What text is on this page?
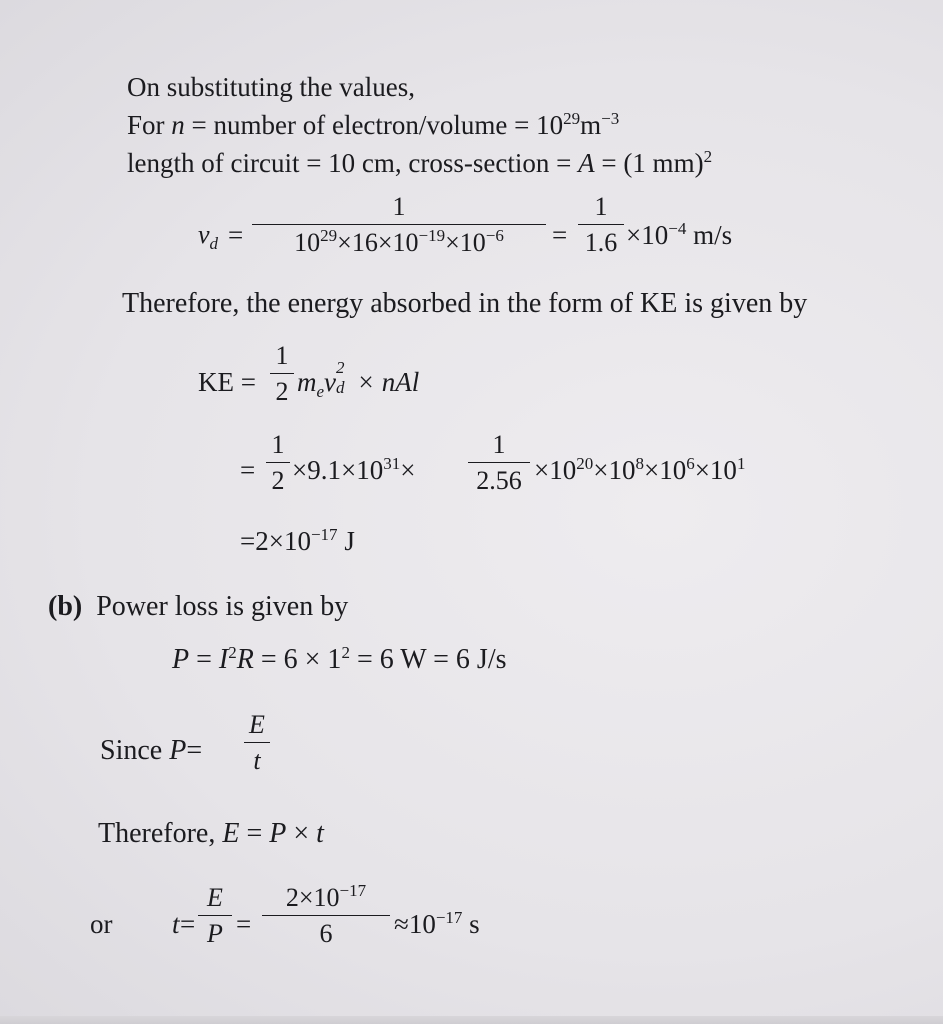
On substituting the values,
For n = number of electron/volume = $10^{29}m^{-3}$
length of circuit = 10 cm, cross-section = A = (1 mm)$^2$
$v_d$ =
1
$10^{29}\times 16\times 10^{-19}\times 10^{-6}$	=
1
$1.6 \times 10^{-4}$ m/s
Therefore, the energy absorbed in the form of KE is given by
KE =
1
2 $m_ev$ 2
d × nAl
=
1
$2 \times 9.1\times 10^{31}\times$
1
$2.56 \times 10^{20}\times 10^8\times 10^6\times 10^1$
$=2\times 10^{-17}$ J
(b) Power loss is given by
$P = I^2R = 6 \times 1^2 = 6$ W = 6 J/s
Since P=
E
t
Therefore, E = P × t
or t =
E
P =
$2\times 10^{-17}$
6	$\approx 10^{-17}$ s
